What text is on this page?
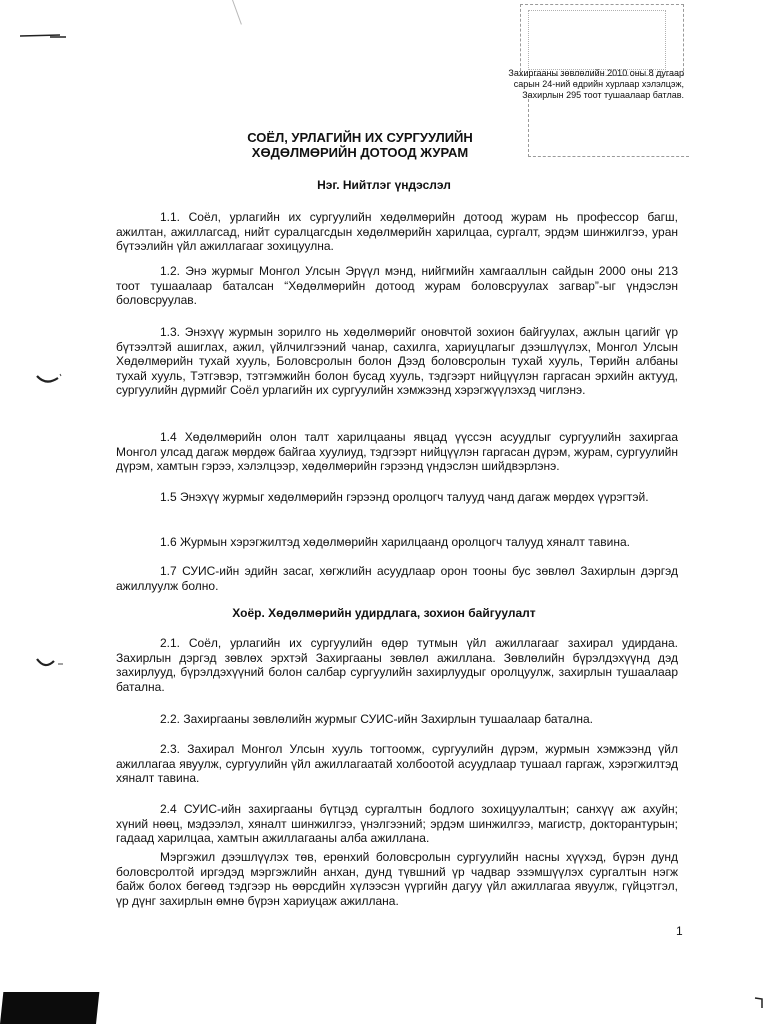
Захиргааны зөвлөлийн 2010 оны 8 дугаар
сарын 24-ний өдрийн хурлаар хэлэлцэж,
Захирлын 295 тоот тушаалаар батлав.
СОЁЛ, УРЛАГИЙН ИХ СУРГУУЛИЙН
ХӨДӨЛМӨРИЙН ДОТООД ЖУРАМ
Нэг. Нийтлэг үндэслэл
1.1. Соёл, урлагийн их сургуулийн хөдөлмөрийн дотоод журам нь профессор багш, ажилтан, ажиллагсад, нийт суралцагсдын хөдөлмөрийн харилцаа, сургалт, эрдэм шинжилгээ, уран бүтээлийн үйл ажиллагааг зохицуулна.
1.2. Энэ журмыг Монгол Улсын Эрүүл мэнд, нийгмийн хамгааллын сайдын 2000 оны 213 тоот тушаалаар баталсан “Хөдөлмөрийн дотоод журам боловсруулах загвар”-ыг үндэслэн боловсруулав.
1.3. Энэхүү журмын зорилго нь хөдөлмөрийг оновчтой зохион байгуулах, ажлын цагийг үр бүтээлтэй ашиглах, ажил, үйлчилгээний чанар, сахилга, хариуцлагыг дээшлүүлэх, Монгол Улсын Хөдөлмөрийн тухай хууль, Боловсролын болон Дээд боловсролын тухай хууль, Төрийн албаны тухай хууль, Тэтгэвэр, тэтгэмжийн болон бусад хууль, тэдгээрт нийцүүлэн гаргасан эрхийн актууд, сургуулийн дүрмийг Соёл урлагийн их сургуулийн хэмжээнд хэрэгжүүлэхэд чиглэнэ.
1.4 Хөдөлмөрийн олон талт харилцааны явцад үүссэн асуудлыг сургуулийн захиргаа Монгол улсад дагаж мөрдөж байгаа хуулиуд, тэдгээрт нийцүүлэн гаргасан дүрэм, журам, сургуулийн дүрэм, хамтын гэрээ, хэлэлцээр, хөдөлмөрийн гэрээнд үндэслэн шийдвэрлэнэ.
1.5 Энэхүү журмыг хөдөлмөрийн гэрээнд оролцогч талууд чанд дагаж мөрдөх үүрэгтэй.
1.6 Журмын хэрэгжилтэд хөдөлмөрийн харилцаанд оролцогч талууд хяналт тавина.
1.7 СУИС-ийн эдийн засаг, хөгжлийн асуудлаар орон тооны бус зөвлөл Захирлын дэргэд ажиллуулж болно.
Хоёр. Хөдөлмөрийн удирдлага, зохион байгуулалт
2.1. Соёл, урлагийн их сургуулийн өдөр тутмын үйл ажиллагааг захирал удирдана. Захирлын дэргэд зөвлөх эрхтэй Захиргааны зөвлөл ажиллана. Зөвлөлийн бүрэлдэхүүнд дэд захирлууд, бүрэлдэхүүний болон салбар сургуулийн захирлуудыг оролцуулж, захирлын тушаалаар батална.
2.2. Захиргааны зөвлөлийн журмыг СУИС-ийн Захирлын тушаалаар батална.
2.3. Захирал Монгол Улсын хууль тогтоомж, сургуулийн дүрэм, журмын хэмжээнд үйл ажиллагаа явуулж, сургуулийн үйл ажиллагаатай холбоотой асуудлаар тушаал гаргаж, хэрэгжилтэд хяналт тавина.
2.4 СУИС-ийн захиргааны бүтцэд сургалтын бодлого зохицуулалтын; санхүү аж ахуйн; хүний нөөц, мэдээлэл, хяналт шинжилгээ, үнэлгээний; эрдэм шинжилгээ, магистр, докторантурын; гадаад харилцаа, хамтын ажиллагааны алба ажиллана.
Мэргэжил дээшлүүлэх төв, ерөнхий боловсролын сургуулийн насны хүүхэд, бүрэн дунд боловсролтой иргэдэд мэргэжлийн анхан, дунд түвшний үр чадвар эзэмшүүлэх сургалтын нэгж байж болох бөгөөд тэдгээр нь өөрсдийн хүлээсэн үүргийн дагуу үйл ажиллагаа явуулж, гүйцэтгэл, үр дүнг захирлын өмнө бүрэн хариуцаж ажиллана.
1
